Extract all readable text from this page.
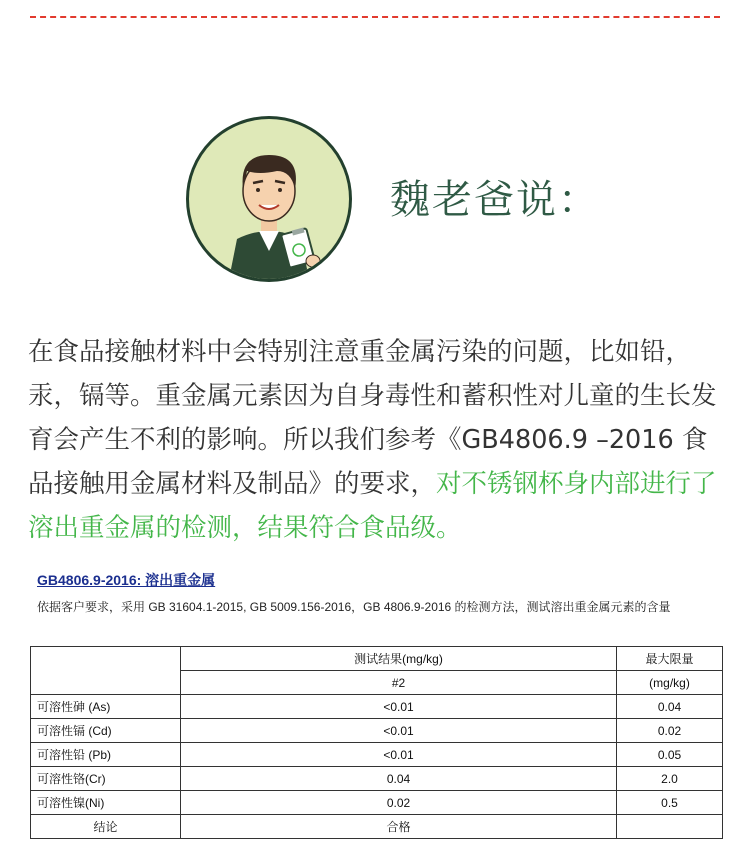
魏老爸说：
在食品接触材料中会特别注意重金属污染的问题，比如铅，汞，镉等。重金属元素因为自身毒性和蓄积性对儿童的生长发育会产生不利的影响。所以我们参考《GB4806.9 –2016 食品接触用金属材料及制品》的要求，对不锈钢杯身内部进行了溶出重金属的检测，结果符合食品级。
GB4806.9-2016: 溶出重金属
依据客户要求，采用 GB 31604.1-2015, GB 5009.156-2016，GB 4806.9-2016 的检测方法，测试溶出重金属元素的含量
	测试结果(mg/kg)	最大限量
	#2	(mg/kg)
可溶性砷 (As)	<0.01	0.04
可溶性镉 (Cd)	<0.01	0.02
可溶性铅 (Pb)	<0.01	0.05
可溶性铬(Cr)	0.04	2.0
可溶性镍(Ni)	0.02	0.5
结论	合格	
